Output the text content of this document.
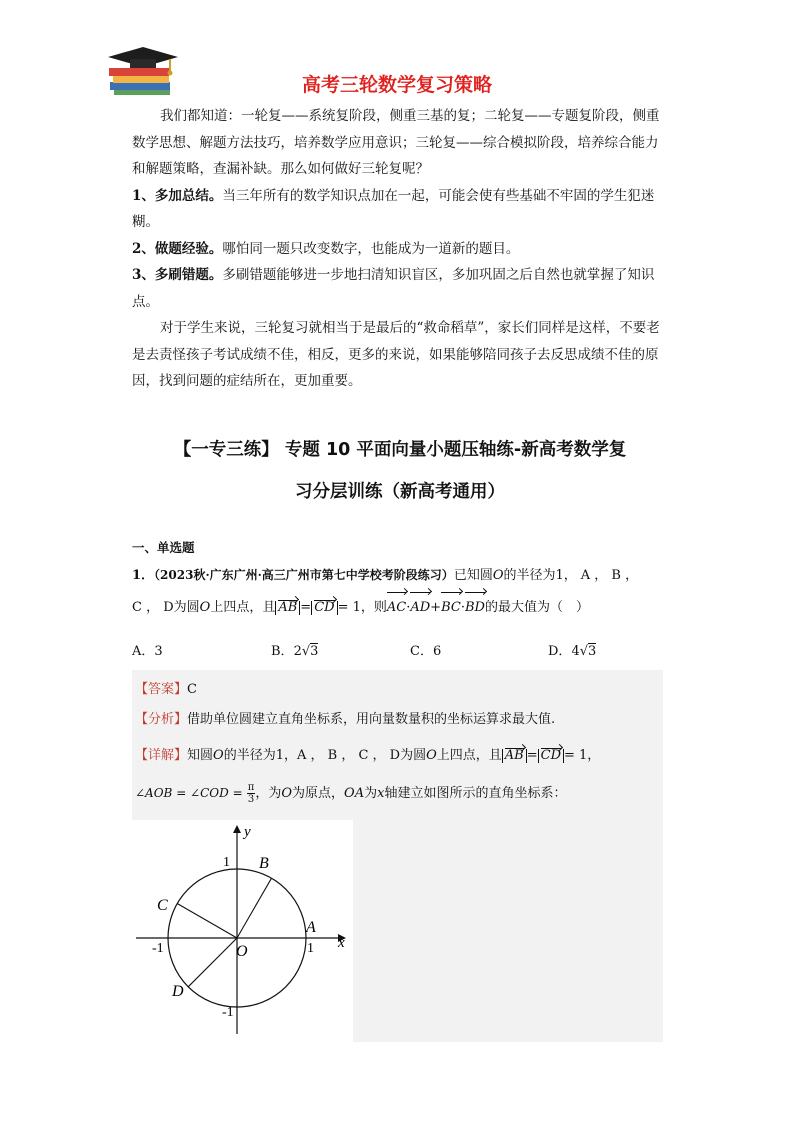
高考三轮数学复习策略

我们都知道：一轮复——系统复阶段，侧重三基的复；二轮复——专题复阶段，侧重数学思想、解题方法技巧，培养数学应用意识；三轮复——综合模拟阶段，培养综合能力和解题策略，查漏补缺。那么如何做好三轮复呢？

1、多加总结。当三年所有的数学知识点加在一起，可能会使有些基础不牢固的学生犯迷糊。

2、做题经验。哪怕同一题只改变数字，也能成为一道新的题目。

3、多刷错题。多刷错题能够进一步地扫清知识盲区，多加巩固之后自然也就掌握了知识点。

对于学生来说，三轮复习就相当于是最后的“救命稻草”，家长们同样是这样，不要老是去责怪孩子考试成绩不佳，相反，更多的来说，如果能够陪同孩子去反思成绩不佳的原因，找到问题的症结所在，更加重要。

【一专三练】 专题 10 平面向量小题压轴练-新高考数学复
习分层训练（新高考通用）
一、单选题
1．（2023秋·广东广州·高三广州市第七中学校考阶段练习）已知圆O的半径为1， A ， B ，
C ， D为圆O上四点，且 AB = CD = 1，则AC·AD+BC·BD的最大值为（　）
A．3	B．2√3	C．6	D．4√3
【答案】C
【分析】借助单位圆建立直角坐标系，用向量数量积的坐标运算求最大值.
【详解】知圆O的半径为1，A ， B ， C ， D为圆O上四点，且 AB = CD = 1，
∠AOB = ∠COD = $\frac{\pi}{3}$ ，为O为原点，OA为x轴建立如图所示的直角坐标系：
y
x
1
1
-1
-1
O
A
B
C
D
